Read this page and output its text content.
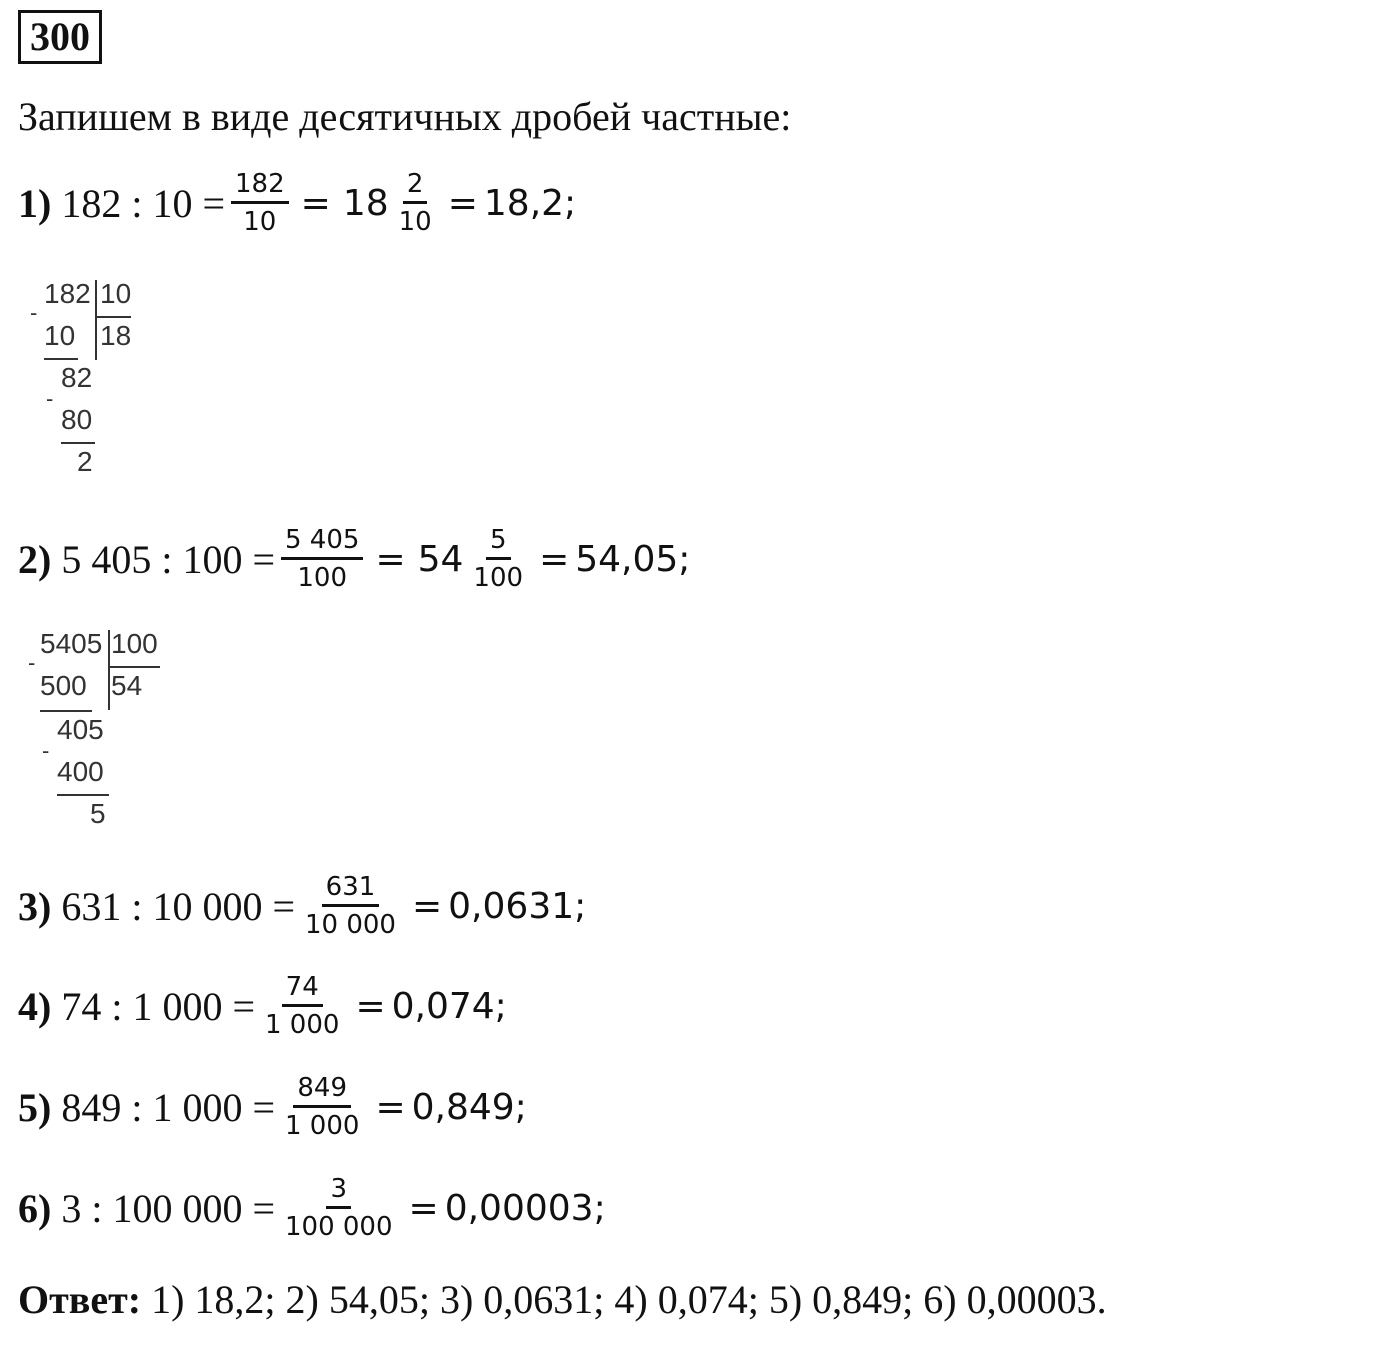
300
Запишем в виде десятичных дробей частные:
1) 182 : $10 = \frac{182}{10} = 18 \frac{2}{10} = 18,2$;
182 10
-
10 18
82
-
80
2
2) 5 405 : $100 = \frac{5 405}{100} = 54 \frac{5}{100} = 54,05$;
5405 100
-
500 54
405
-
400
5
3) 631 : 10 $000 = \frac{631}{10 000} = 0,0631$;
4) 74 : 1 $000 = \frac{74}{1 000} = 0,074$;
5) 849 : 1 $000 = \frac{849}{1 000} = 0,849$;
6) 3 : 100 $000 = \frac{3}{100 000} = 0,00003$;
Ответ: 1) 18,2; 2) 54,05; 3) 0,0631; 4) 0,074; 5) 0,849; 6) 0,00003.
